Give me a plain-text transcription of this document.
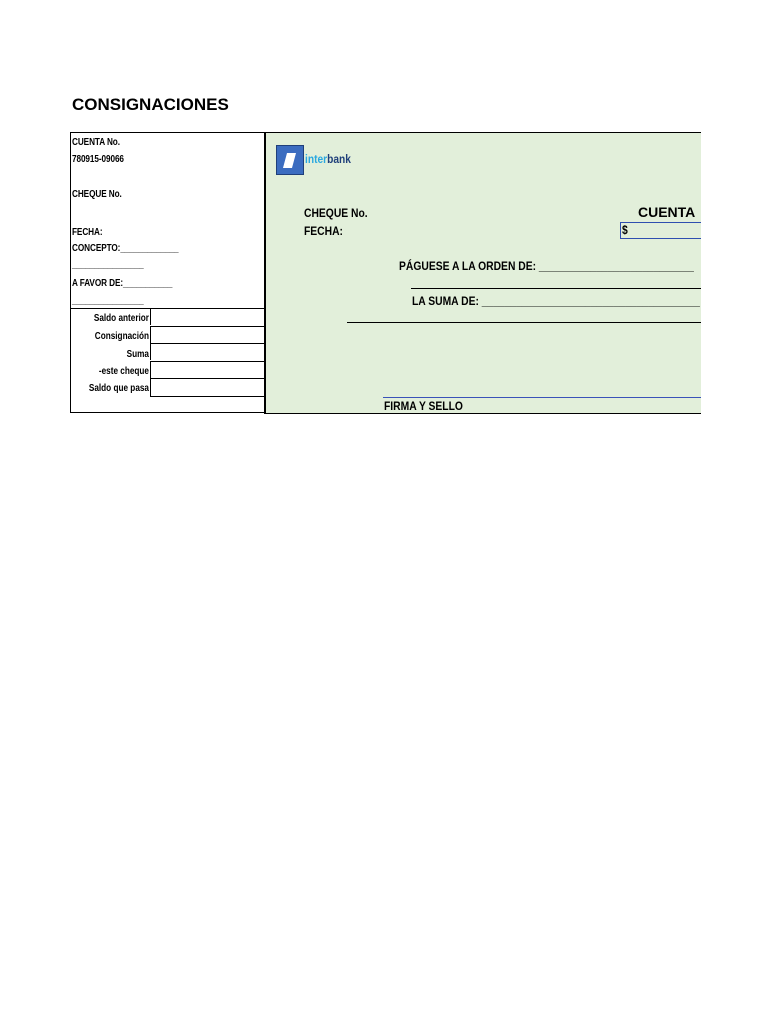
CONSIGNACIONES
CUENTA No.
780915-09066
CHEQUE No.
FECHA:
CONCEPTO:_____________
________________
A FAVOR DE:___________
________________
Saldo anterior
Consignación
Suma
-este cheque
Saldo que pasa
interbank
CHEQUE No.
FECHA:
CUENTA
$
PÁGUESE A LA ORDEN DE: ___________________________
LA SUMA DE: ______________________________________
FIRMA Y SELLO
